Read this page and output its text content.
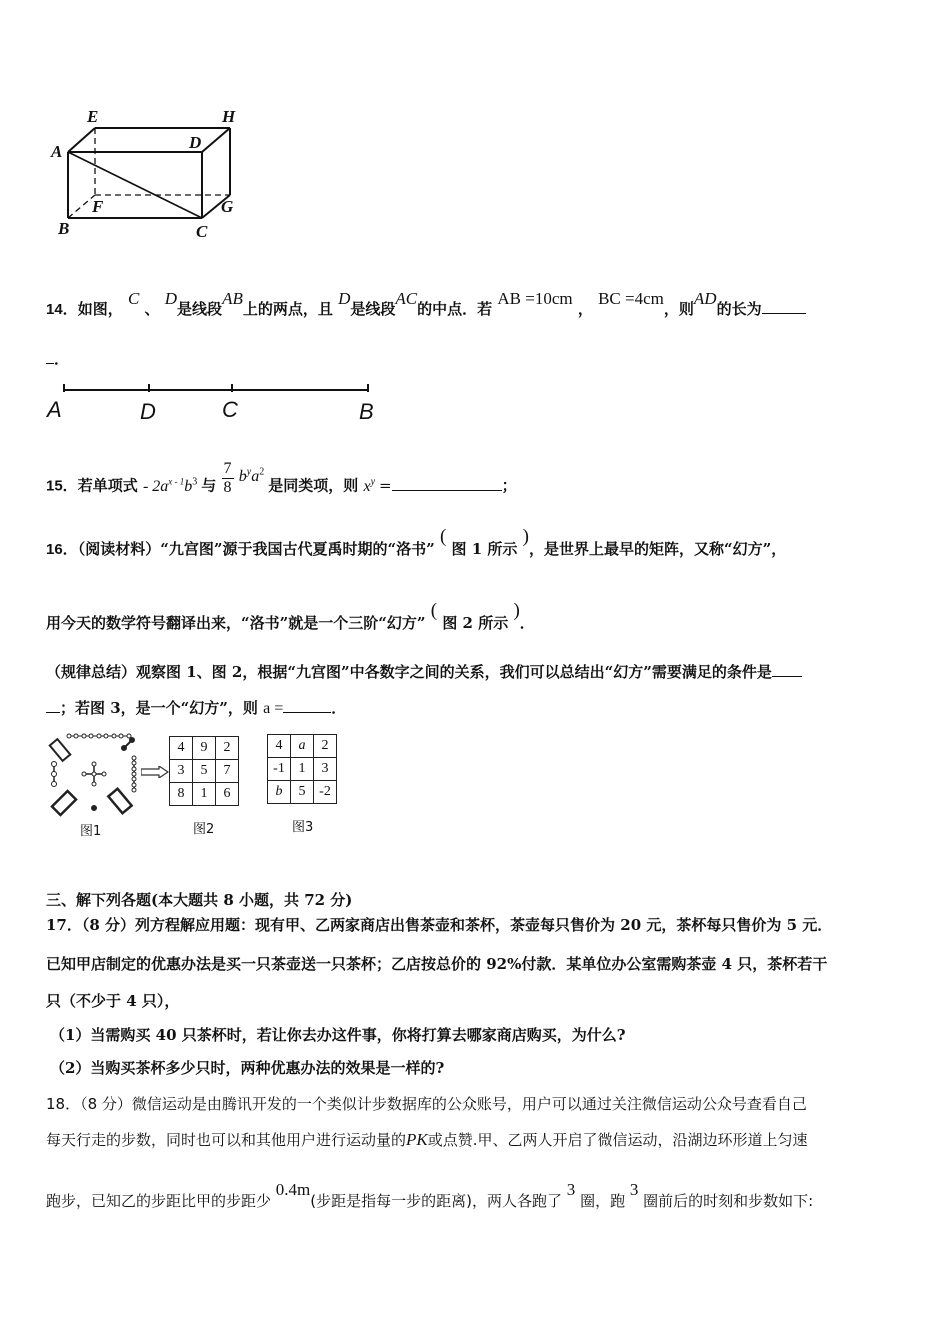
E	H
A	D
F	G
B	C
14．如图， C 、 D是线段AB上的两点，且 D是线段AC的中点．若 AB =10cm ， BC =4cm，则AD的长为
．
A	D	C	B
15．若单项式 - $2a^{x - 1}b^3$ 与 $\frac{7}{8} b^ya^2$ 是同类项，则 $x^y$ =	；
16．（阅读材料）“九宫图”源于我国古代夏禹时期的“洛书” ( 图 1 所示 )，是世界上最早的矩阵，又称“幻方”，
用今天的数学符号翻译出来，“洛书”就是一个三阶“幻方” ( 图 2 所示 )．
（规律总结）观察图 1、图 2，根据“九宫图”中各数字之间的关系，我们可以总结出“幻方”需要满足的条件是
；若图 3，是一个“幻方”，则 a =	．
图1
4	9	2
3	5	7
8	1	6
图2
4	a	2
-1	1	3
b	5	-2
图3
三、解下列各题(本大题共 8 小题，共 72 分)
17．（8 分）列方程解应用题：现有甲、乙两家商店出售茶壶和茶杯，茶壶每只售价为 20 元，茶杯每只售价为 5 元．
已知甲店制定的优惠办法是买一只茶壶送一只茶杯；乙店按总价的 92%付款．某单位办公室需购茶壶 4 只，茶杯若干
只（不少于 4 只），
（1）当需购买 40 只茶杯时，若让你去办这件事，你将打算去哪家商店购买，为什么?
（2）当购买茶杯多少只时，两种优惠办法的效果是一样的?
18．（8 分）微信运动是由腾讯开发的一个类似计步数据库的公众账号，用户可以通过关注微信运动公众号查看自己
每天行走的步数，同时也可以和其他用户进行运动量的PK或点赞.甲、乙两人开启了微信运动，沿湖边环形道上匀速
跑步，已知乙的步距比甲的步距少 0.4m(步距是指每一步的距离)，两人各跑了 3 圈，跑 3 圈前后的时刻和步数如下:
